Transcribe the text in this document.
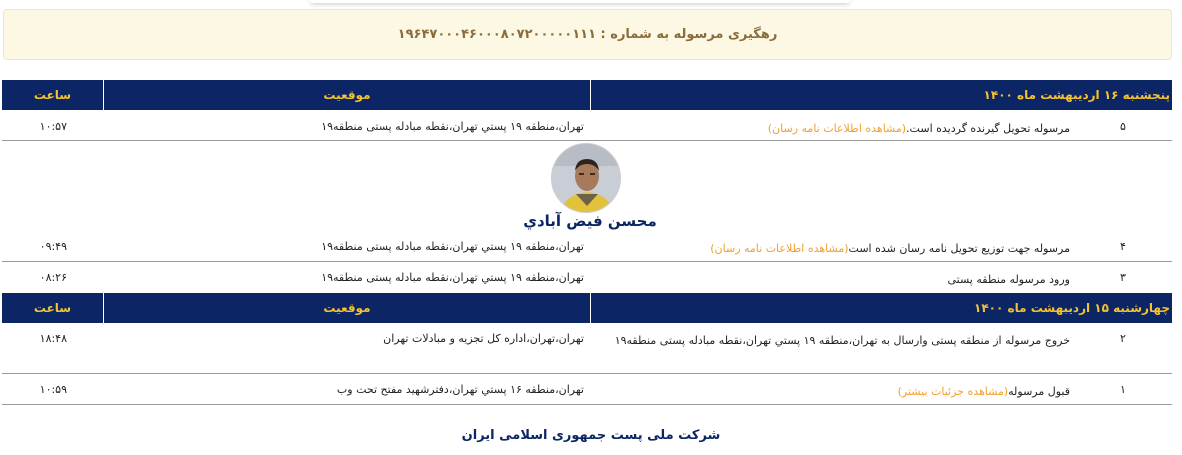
رهگیری مرسوله به شماره : ۱۹۶۴۷۰۰۰۴۶۰۰۰۸۰۷۲۰۰۰۰۰۱۱۱
پنجشنبه ۱۶ اردیبهشت ماه ۱۴۰۰
موقعیت
ساعت
۵
مرسوله تحویل گیرنده گردیده است.(مشاهده اطلاعات نامه رسان)
تهران،منطقه ۱۹ پستي تهران،نقطه مبادله پستی منطقه۱۹
۱۰:۵۷
محسن فیض آبادي
۴
مرسوله جهت توزیع تحویل نامه رسان شده است(مشاهده اطلاعات نامه رسان)
تهران،منطقه ۱۹ پستي تهران،نقطه مبادله پستی منطقه۱۹
۰۹:۴۹
۳
ورود مرسوله منطقه پستی
تهران،منطقه ۱۹ پستي تهران،نقطه مبادله پستی منطقه۱۹
۰۸:۲۶
چهارشنبه ۱۵ اردیبهشت ماه ۱۴۰۰
موقعیت
ساعت
۲
خروج مرسوله از منطقه پستی وارسال به تهران،منطقه ۱۹ پستي تهران،نقطه مبادله پستی منطقه۱۹
تهران،تهران،اداره کل تجزیه و مبادلات تهران
۱۸:۴۸
۱
قبول مرسوله(مشاهده جزئیات بیشتر)
تهران،منطقه ۱۶ پستي تهران،دفترشهید مفتح تحت وب
۱۰:۵۹
شرکت ملی پست جمهوری اسلامی ایران
